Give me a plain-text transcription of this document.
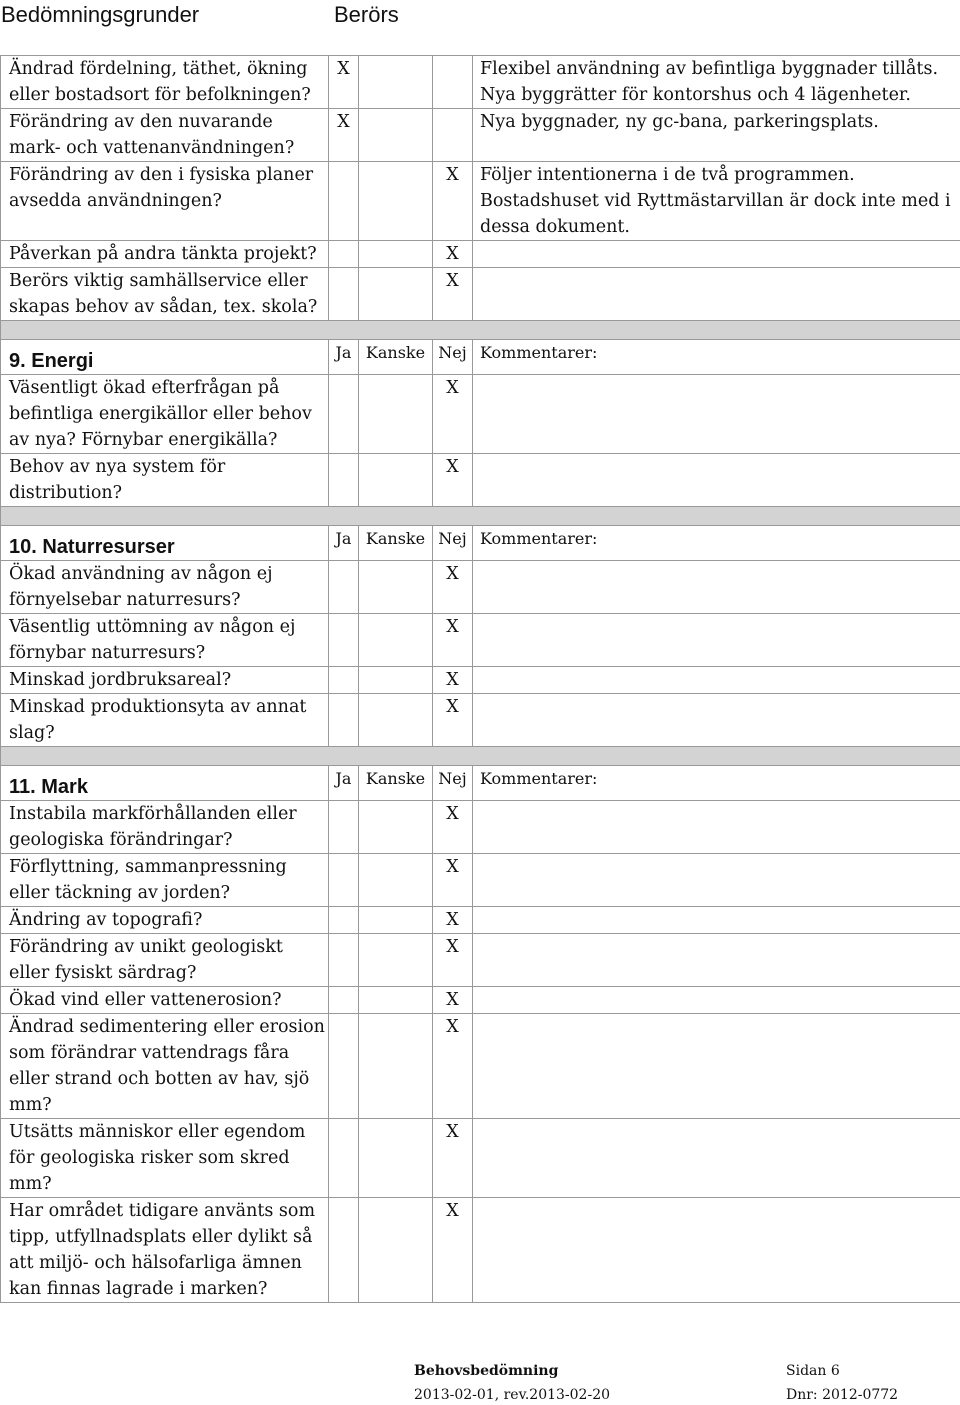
Bedömningsgrunder	Berörs
Ändrad fördelning, täthet, ökning eller bostadsort för befolkningen?	X			Flexibel användning av befintliga byggnader tillåts. Nya byggrätter för kontorshus och 4 lägenheter.
Förändring av den nuvarande mark- och vattenanvändningen?	X			Nya byggnader, ny gc-bana, parkeringsplats.
Förändring av den i fysiska planer avsedda användningen?			X	Följer intentionerna i de två programmen. Bostadshuset vid Ryttmästarvillan är dock inte med i dessa dokument.
Påverkan på andra tänkta projekt?			X	
Berörs viktig samhällservice eller skapas behov av sådan, tex. skola?			X	

9. Energi	Ja	Kanske	Nej	Kommentarer:
Väsentligt ökad efterfrågan på befintliga energikällor eller behov av nya? Förnybar energikälla?			X	
Behov av nya system för distribution?			X	

10. Naturresurser	Ja	Kanske	Nej	Kommentarer:
Ökad användning av någon ej förnyelsebar naturresurs?			X	
Väsentlig uttömning av någon ej förnybar naturresurs?			X	
Minskad jordbruksareal?			X	
Minskad produktionsyta av annat slag?			X	

11. Mark	Ja	Kanske	Nej	Kommentarer:
Instabila markförhållanden eller geologiska förändringar?			X	
Förflyttning, sammanpressning eller täckning av jorden?			X	
Ändring av topografi?			X	
Förändring av unikt geologiskt eller fysiskt särdrag?			X	
Ökad vind eller vattenerosion?			X	
Ändrad sedimentering eller erosion som förändrar vattendrags fåra eller strand och botten av hav, sjö mm?			X	
Utsätts människor eller egendom för geologiska risker som skred mm?			X	
Har området tidigare använts som tipp, utfyllnadsplats eller dylikt så att miljö- och hälsofarliga ämnen kan finnas lagrade i marken?			X	
Behovsbedömning
2013-02-01, rev.2013-02-20
Sidan 6
Dnr: 2012-0772
